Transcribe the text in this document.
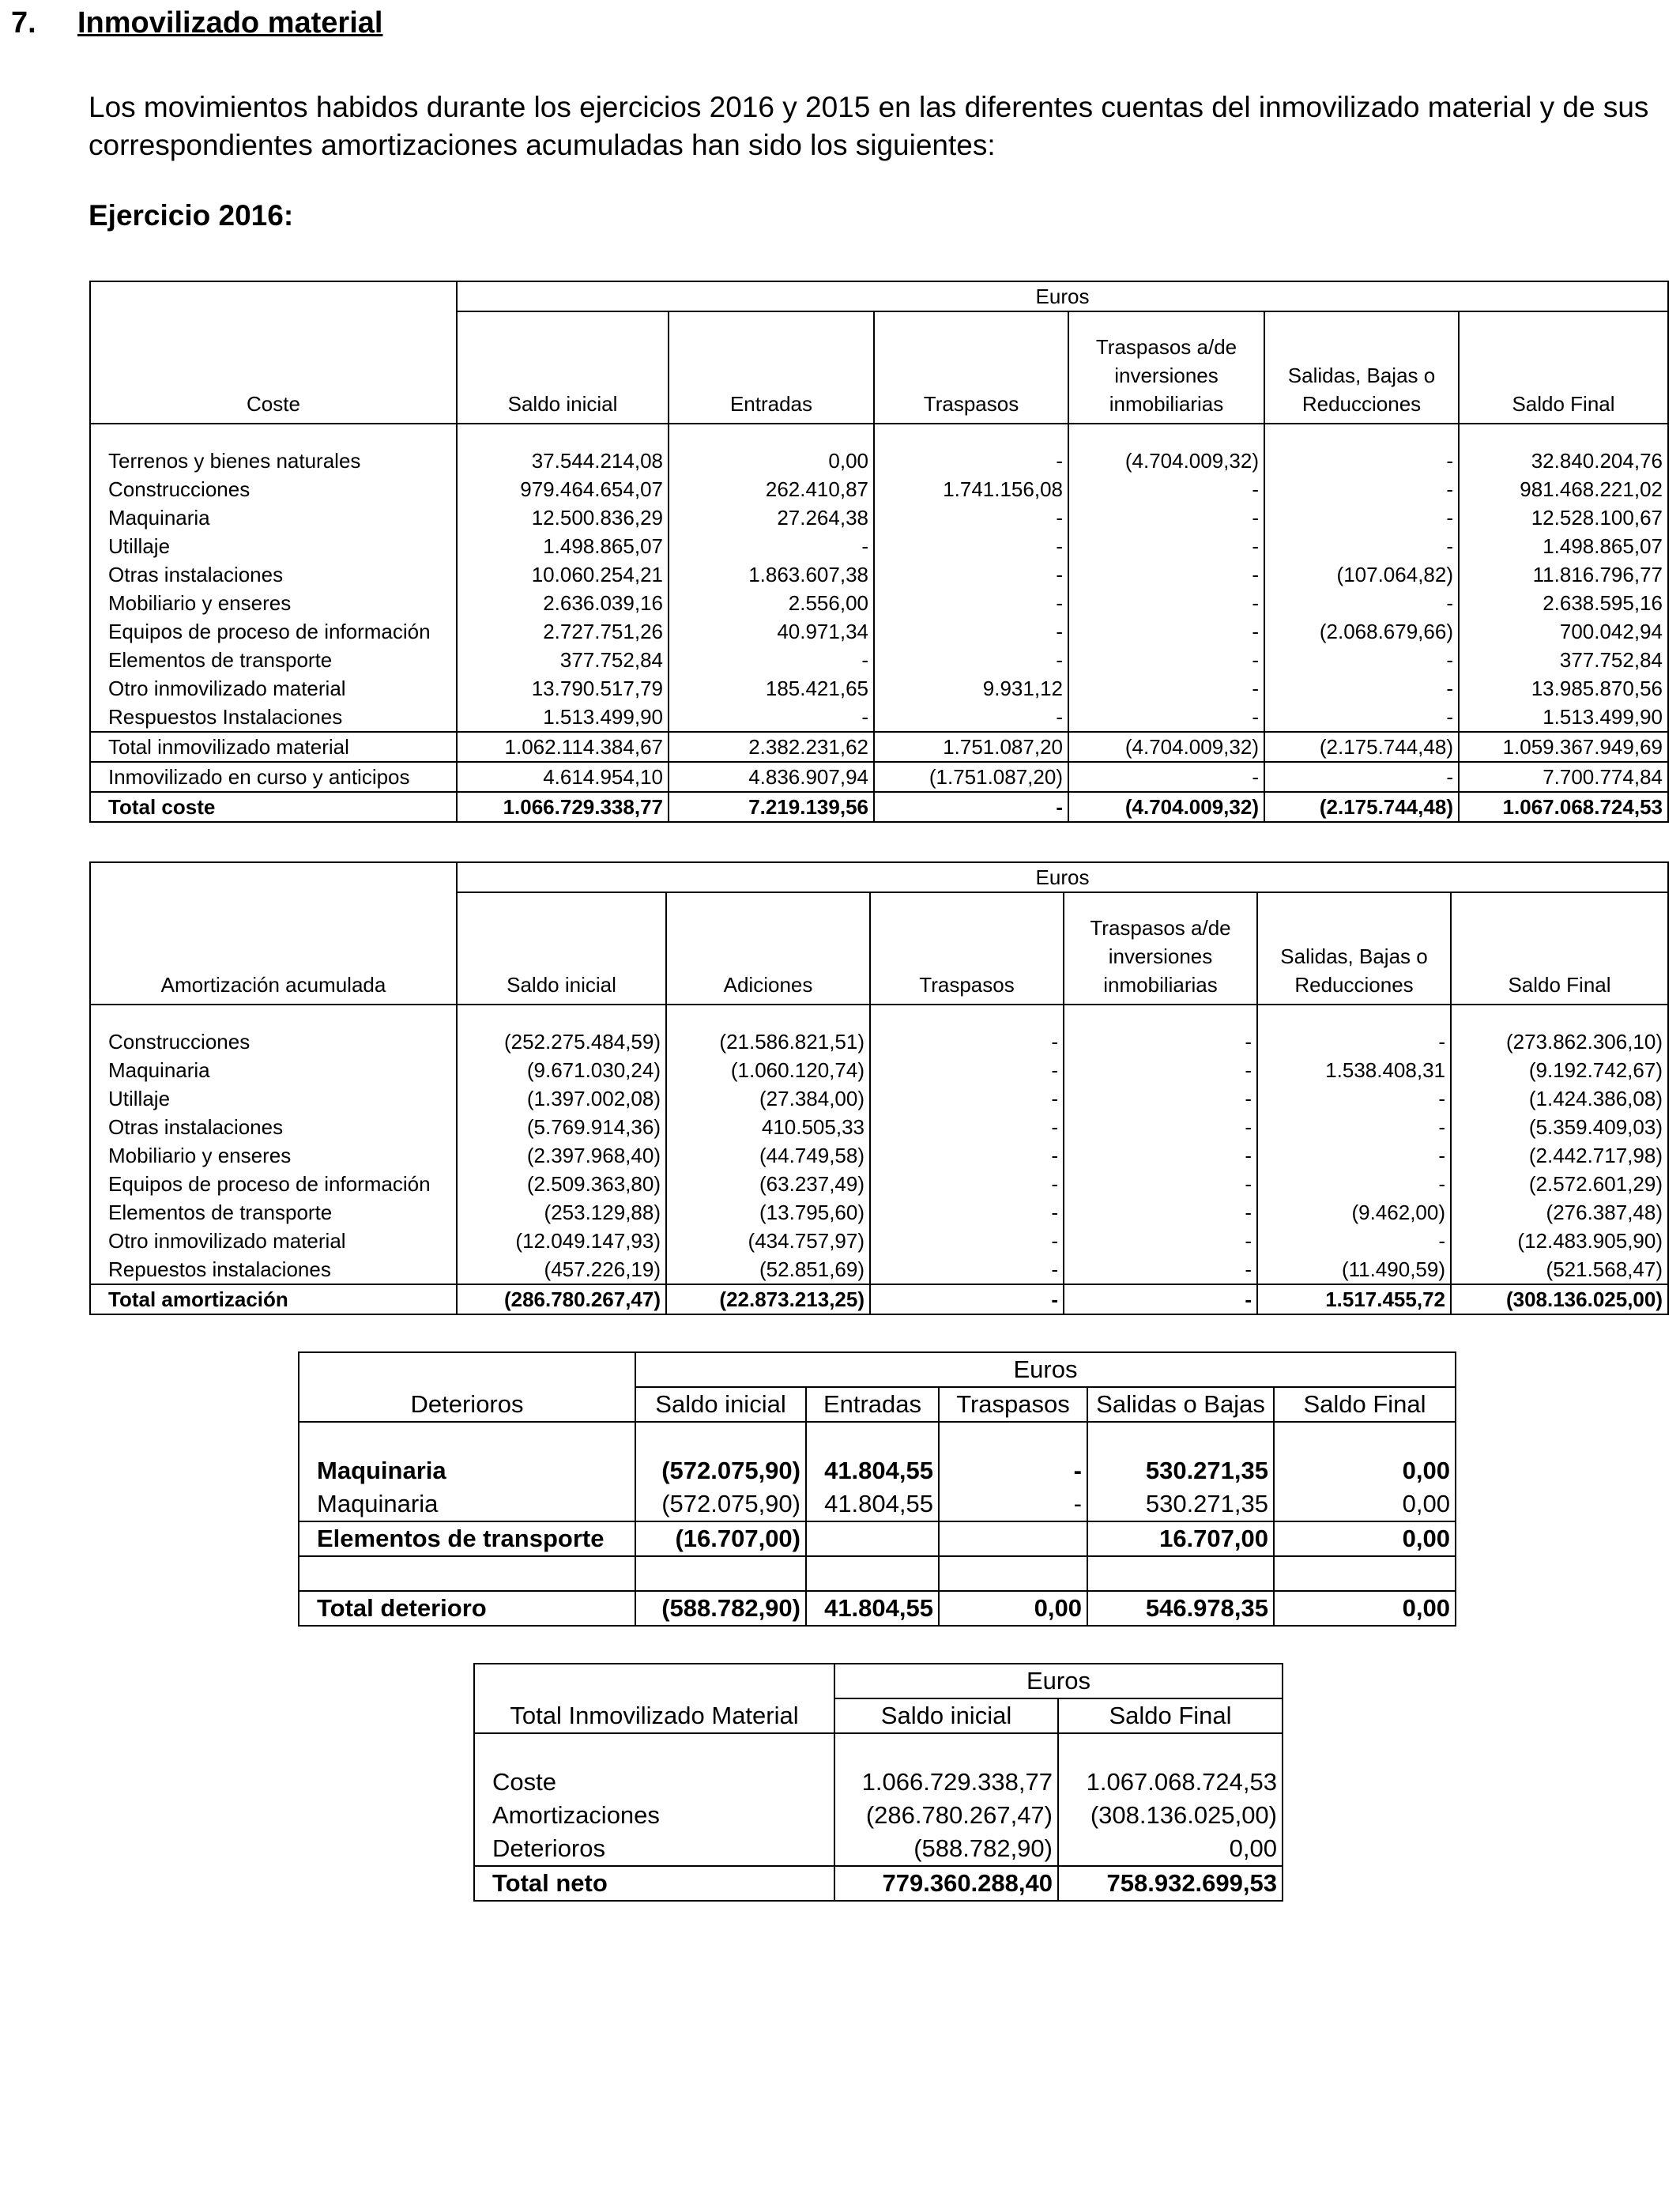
7. Inmovilizado material
Los movimientos habidos durante los ejercicios 2016 y 2015 en las diferentes cuentas del inmovilizado material y de sus correspondientes amortizaciones acumuladas han sido los siguientes:
Ejercicio 2016:
	Euros					
Coste	Saldo inicial	Entradas	Traspasos	Traspasos a/de inversiones inmobiliarias	Salidas, Bajas o Reducciones	Saldo Final

Terrenos y bienes naturales	37.544.214,08	0,00	-	(4.704.009,32)	-	32.840.204,76
Construcciones	979.464.654,07	262.410,87	1.741.156,08	-	-	981.468.221,02
Maquinaria	12.500.836,29	27.264,38	-	-	-	12.528.100,67
Utillaje	1.498.865,07	-	-	-	-	1.498.865,07
Otras instalaciones	10.060.254,21	1.863.607,38	-	-	(107.064,82)	11.816.796,77
Mobiliario y enseres	2.636.039,16	2.556,00	-	-	-	2.638.595,16
Equipos de proceso de información	2.727.751,26	40.971,34	-	-	(2.068.679,66)	700.042,94
Elementos de transporte	377.752,84	-	-	-	-	377.752,84
Otro inmovilizado material	13.790.517,79	185.421,65	9.931,12	-	-	13.985.870,56
Respuestos Instalaciones	1.513.499,90	-	-	-	-	1.513.499,90
Total inmovilizado material	1.062.114.384,67	2.382.231,62	1.751.087,20	(4.704.009,32)	(2.175.744,48)	1.059.367.949,69
Inmovilizado en curso y anticipos	4.614.954,10	4.836.907,94	(1.751.087,20)	-	-	7.700.774,84
Total coste	1.066.729.338,77	7.219.139,56	-	(4.704.009,32)	(2.175.744,48)	1.067.068.724,53
	Euros					
Amortización acumulada	Saldo inicial	Adiciones	Traspasos	Traspasos a/de inversiones inmobiliarias	Salidas, Bajas o Reducciones	Saldo Final

Construcciones	(252.275.484,59)	(21.586.821,51)	-	-	-	(273.862.306,10)
Maquinaria	(9.671.030,24)	(1.060.120,74)	-	-	1.538.408,31	(9.192.742,67)
Utillaje	(1.397.002,08)	(27.384,00)	-	-	-	(1.424.386,08)
Otras instalaciones	(5.769.914,36)	410.505,33	-	-	-	(5.359.409,03)
Mobiliario y enseres	(2.397.968,40)	(44.749,58)	-	-	-	(2.442.717,98)
Equipos de proceso de información	(2.509.363,80)	(63.237,49)	-	-	-	(2.572.601,29)
Elementos de transporte	(253.129,88)	(13.795,60)	-	-	(9.462,00)	(276.387,48)
Otro inmovilizado material	(12.049.147,93)	(434.757,97)	-	-	-	(12.483.905,90)
Repuestos instalaciones	(457.226,19)	(52.851,69)	-	-	(11.490,59)	(521.568,47)
Total amortización	(286.780.267,47)	(22.873.213,25)	-	-	1.517.455,72	(308.136.025,00)
	Euros				
Deterioros	Saldo inicial	Entradas	Traspasos	Salidas o Bajas	Saldo Final

Maquinaria	(572.075,90)	41.804,55	-	530.271,35	0,00
Maquinaria	(572.075,90)	41.804,55	-	530.271,35	0,00
Elementos de transporte	(16.707,00)			16.707,00	0,00

Total deterioro	(588.782,90)	41.804,55	0,00	546.978,35	0,00
	Euros	
Total Inmovilizado Material	Saldo inicial	Saldo Final

Coste	1.066.729.338,77	1.067.068.724,53
Amortizaciones	(286.780.267,47)	(308.136.025,00)
Deterioros	(588.782,90)	0,00
Total neto	779.360.288,40	758.932.699,53
